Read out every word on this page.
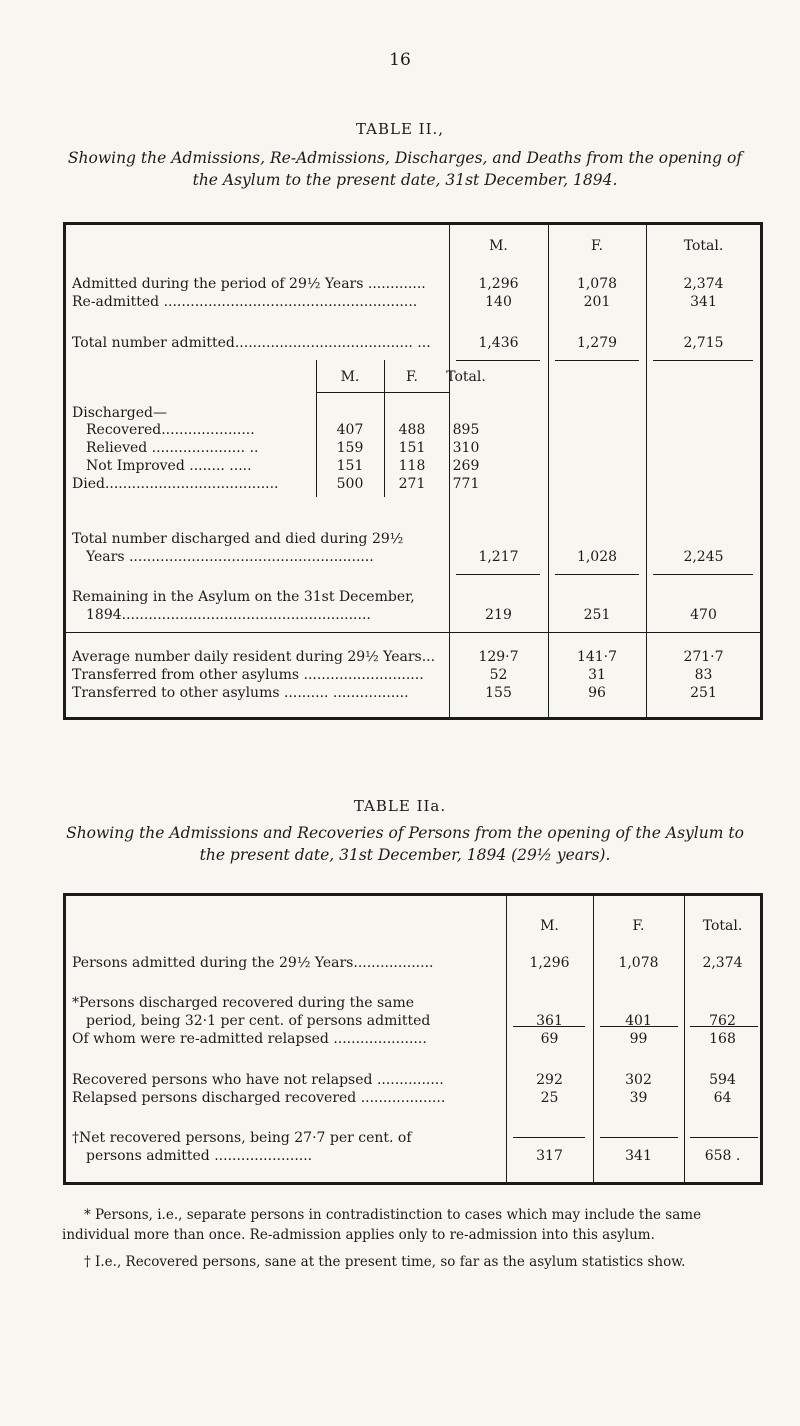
16
TABLE II.,
Showing the Admissions, Re-Admissions, Discharges, and Deaths from the opening of the Asylum to the present date, 31st December, 1894.
M.	F.	Total.
Admitted during the period of 29½ Years .............	1,296	1,078	2,374
Re-admitted .........................................................	140	201	341
Total number admitted........................................ ...	1,436	1,279	2,715
M.	F.	Total.
Discharged—
Recovered.....................	407	488	895
Relieved ..................... ..	159	151	310
Not Improved ........ .....	151	118	269
Died.......................................	500	271	771
Total number discharged and died during 29½
Years .......................................................	1,217	1,028	2,245
Remaining in the Asylum on the 31st December,
1894........................................................	219	251	470
Average number daily resident during 29½ Years...	129·7	141·7	271·7
Transferred from other asylums ...........................	52	31	83
Transferred to other asylums .......... .................	155	96	251
TABLE IIa.
Showing the Admissions and Recoveries of Persons from the opening of the Asylum to the present date, 31st December, 1894 (29½ years).
M.	F.	Total.
Persons admitted during the 29½ Years..................	1,296	1,078	2,374
*Persons discharged recovered during the same
period, being 32·1 per cent. of persons admitted	361	401	762
Of whom were re-admitted relapsed .....................	69	99	168
Recovered persons who have not relapsed ...............	292	302	594
Relapsed persons discharged recovered ...................	25	39	64
†Net recovered persons, being 27·7 per cent. of
persons admitted ......................	317	341	658 .
* Persons, i.e., separate persons in contradistinction to cases which may include the same individual more than once. Re-admission applies only to re-admission into this asylum.
† I.e., Recovered persons, sane at the present time, so far as the asylum statistics show.
